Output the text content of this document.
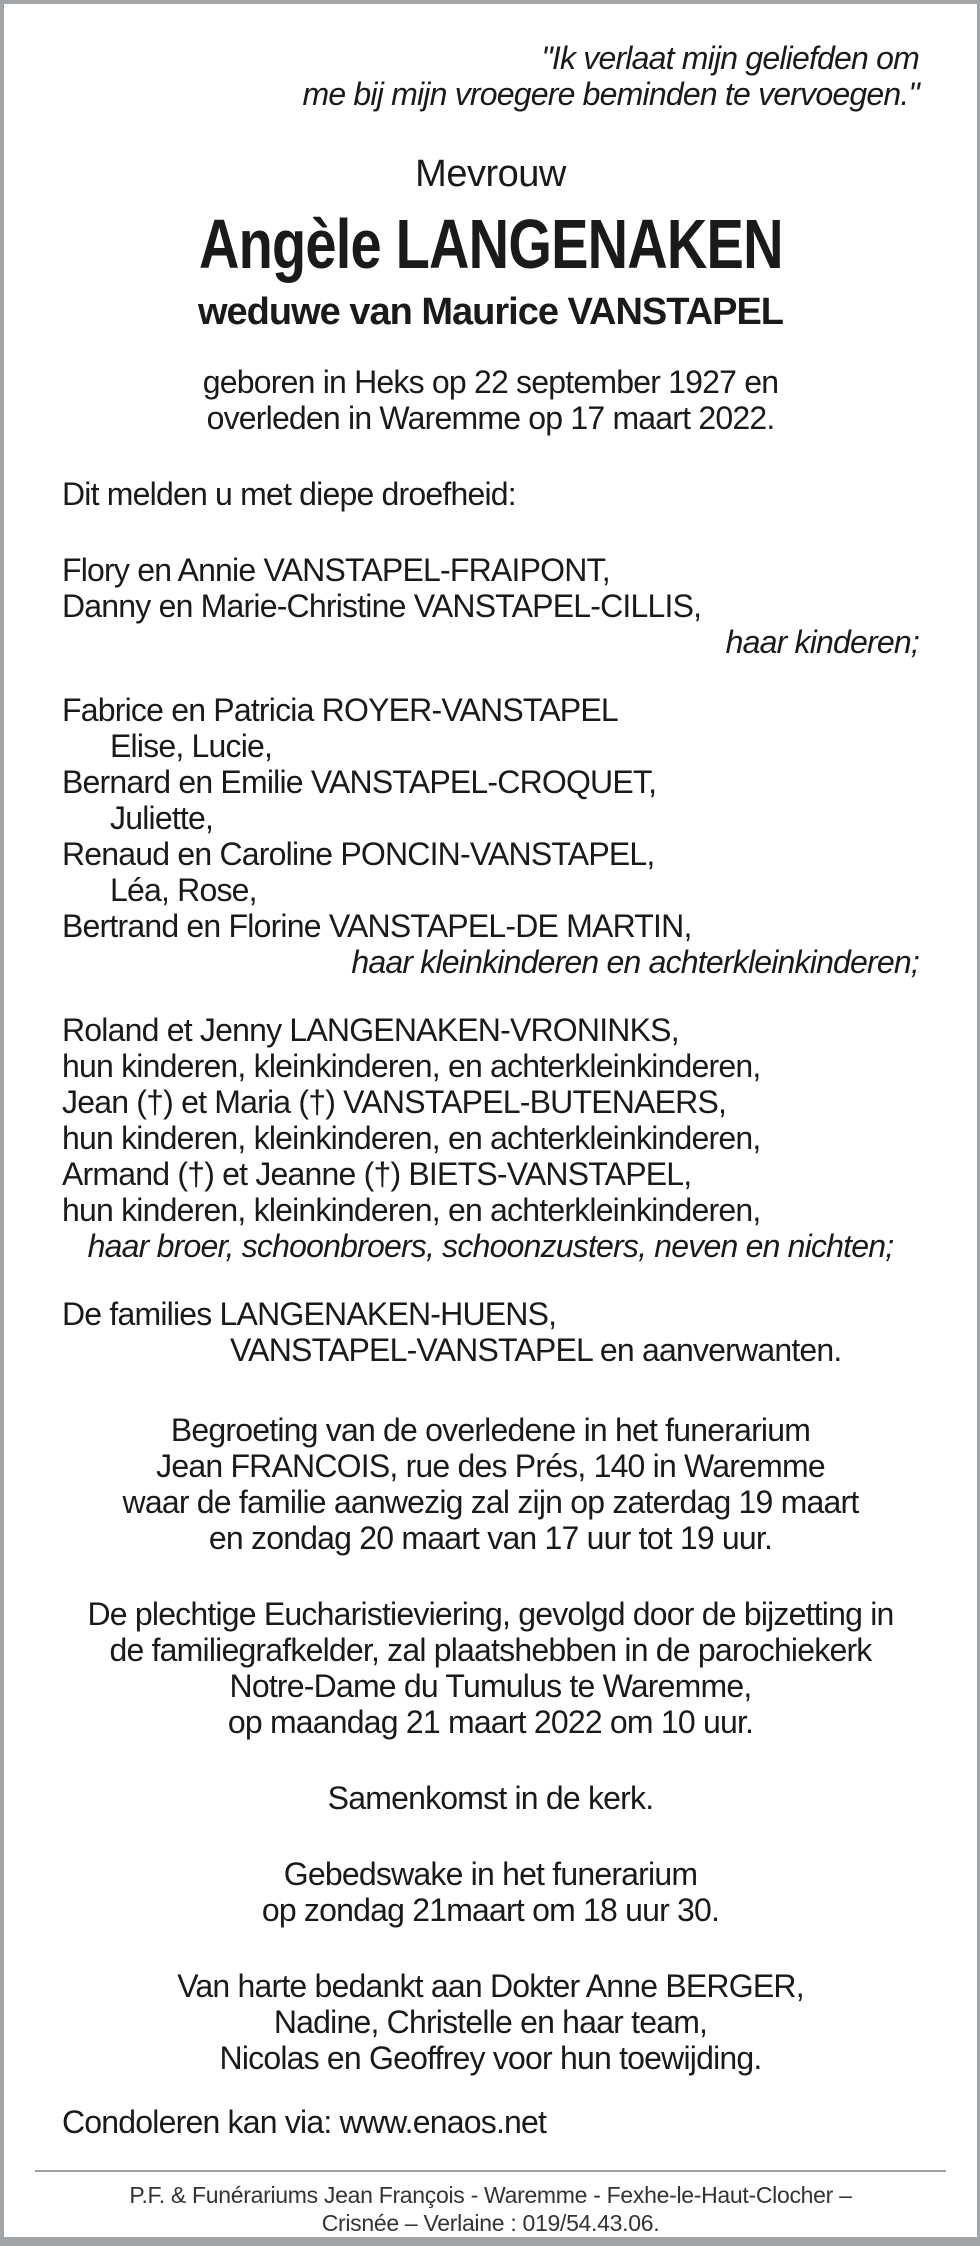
"Ik verlaat mijn geliefden om
me bij mijn vroegere beminden te vervoegen."
Mevrouw
Angèle LANGENAKEN
weduwe van Maurice VANSTAPEL
geboren in Heks op 22 september 1927 en
overleden in Waremme op 17 maart 2022.
Dit melden u met diepe droefheid:
Flory en Annie VANSTAPEL-FRAIPONT,
Danny en Marie-Christine VANSTAPEL-CILLIS,
haar kinderen;
Fabrice en Patricia ROYER-VANSTAPEL
Elise, Lucie,
Bernard en Emilie VANSTAPEL-CROQUET,
Juliette,
Renaud en Caroline PONCIN-VANSTAPEL,
Léa, Rose,
Bertrand en Florine VANSTAPEL-DE MARTIN,
haar kleinkinderen en achterkleinkinderen;
Roland et Jenny LANGENAKEN-VRONINKS,
hun kinderen, kleinkinderen, en achterkleinkinderen,
Jean (†) et Maria (†) VANSTAPEL-BUTENAERS,
hun kinderen, kleinkinderen, en achterkleinkinderen,
Armand (†) et Jeanne (†) BIETS-VANSTAPEL,
hun kinderen, kleinkinderen, en achterkleinkinderen,
haar broer, schoonbroers, schoonzusters, neven en nichten;
De families LANGENAKEN-HUENS,
VANSTAPEL-VANSTAPEL en aanverwanten.
Begroeting van de overledene in het funerarium
Jean FRANCOIS, rue des Prés, 140 in Waremme
waar de familie aanwezig zal zijn op zaterdag 19 maart
en zondag 20 maart van 17 uur tot 19 uur.
De plechtige Eucharistieviering, gevolgd door de bijzetting in
de familiegrafkelder, zal plaatshebben in de parochiekerk
Notre-Dame du Tumulus te Waremme,
op maandag 21 maart 2022 om 10 uur.
Samenkomst in de kerk.
Gebedswake in het funerarium
op zondag 21maart om 18 uur 30.
Van harte bedankt aan Dokter Anne BERGER,
Nadine, Christelle en haar team,
Nicolas en Geoffrey voor hun toewijding.
Condoleren kan via: www.enaos.net
P.F. & Funérariums Jean François - Waremme - Fexhe-le-Haut-Clocher –
Crisnée – Verlaine : 019/54.43.06.
